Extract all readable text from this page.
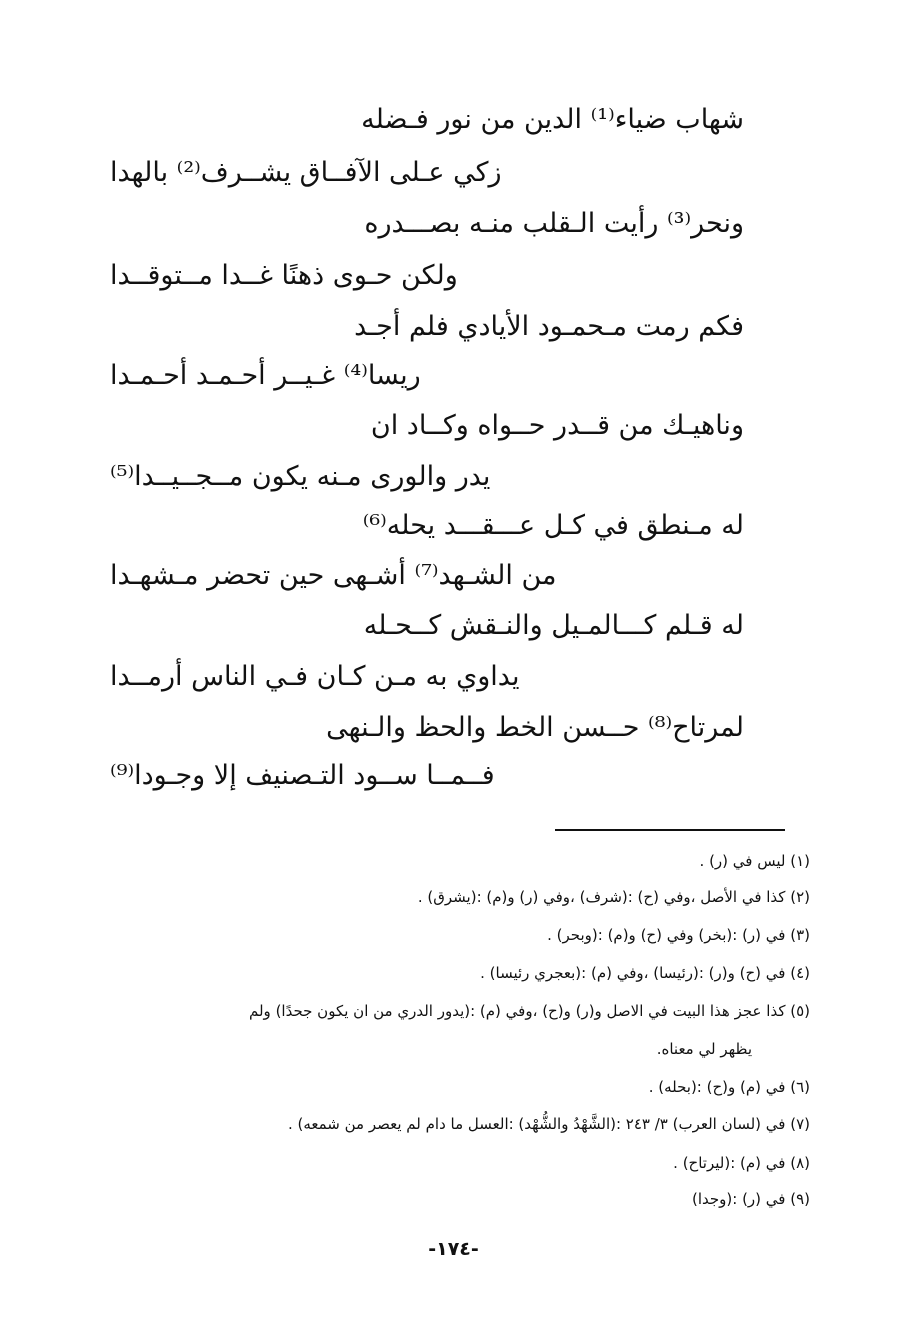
شهاب ضياء⁽¹⁾ الدين من نور فـضله
زكي عـلى الآفــاق يشــرف⁽²⁾ بالهدا
ونحر⁽³⁾ رأيت الـقلب منـه بصـــدره
ولكن حـوى ذهنًا غــدا مــتوقــدا
فكم رمت مـحمـود الأيادي فلم أجـد
ريسا⁽⁴⁾ غـيــر أحـمـد أحـمـدا
وناهيـك من قــدر حــواه وكــاد ان
يدر والورى مـنه يكون مــجــيــدا⁽⁵⁾
له مـنطق في كـل عـــقـــد يحله⁽⁶⁾
من الشـهد⁽⁷⁾ أشـهى حين تحضر مـشهـدا
له قـلم كـــالمـيل والنـقش كــحـله
يداوي به مـن كـان فـي الناس أرمــدا
لمرتاح⁽⁸⁾ حــسن الخط والحظ والـنهى
فــمــا ســود التـصنيف إلا وجـودا⁽⁹⁾
(١) ليس في (ر) .
(٢) كذا في الأصل ،وفي (ح) :(شرف) ،وفي (ر) و(م) :(يشرق) .
(٣) في (ر) :(بخر) وفي (ح) و(م) :(وبحر) .
(٤) في (ح) و(ر) :(رئيسا) ،وفي (م) :(بعجري رئيسا) .
(٥) كذا عجز هذا البيت في الاصل و(ر) و(ح) ،وفي (م) :(يدور الدري من ان يكون جحدًا) ولم
يظهر لي معناه.
(٦) في (م) و(ح) :(بحله) .
(٧) في (لسان العرب) ٣/ ٢٤٣ :(الشَّهْدُ والشُّهْد) :العسل ما دام لم يعصر من شمعه) .
(٨) في (م) :(ليرتاح) .
(٩) في (ر) :(وجدا)
-١٧٤-
